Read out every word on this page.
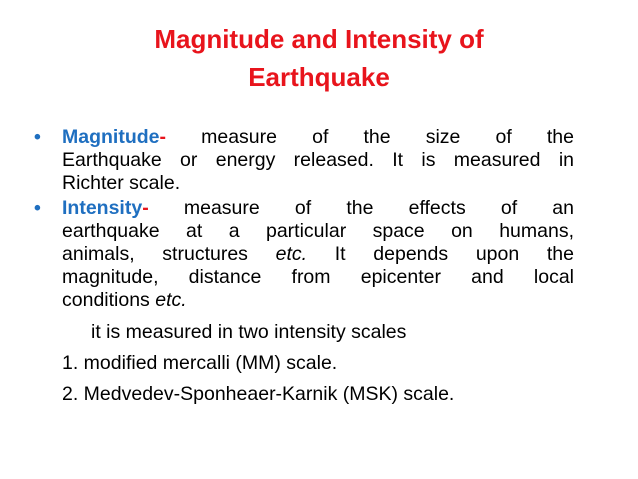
Magnitude and Intensity of
Earthquake
• Magnitude- measure of the size of the
Earthquake or energy released. It is measured in
Richter scale.
• Intensity- measure of the effects of an
earthquake at a particular space on humans,
animals, structures etc. It depends upon the
magnitude, distance from epicenter and local
conditions etc.
it is measured in two intensity scales
1. modified mercalli (MM) scale.
2. Medvedev-Sponheaer-Karnik (MSK) scale.
